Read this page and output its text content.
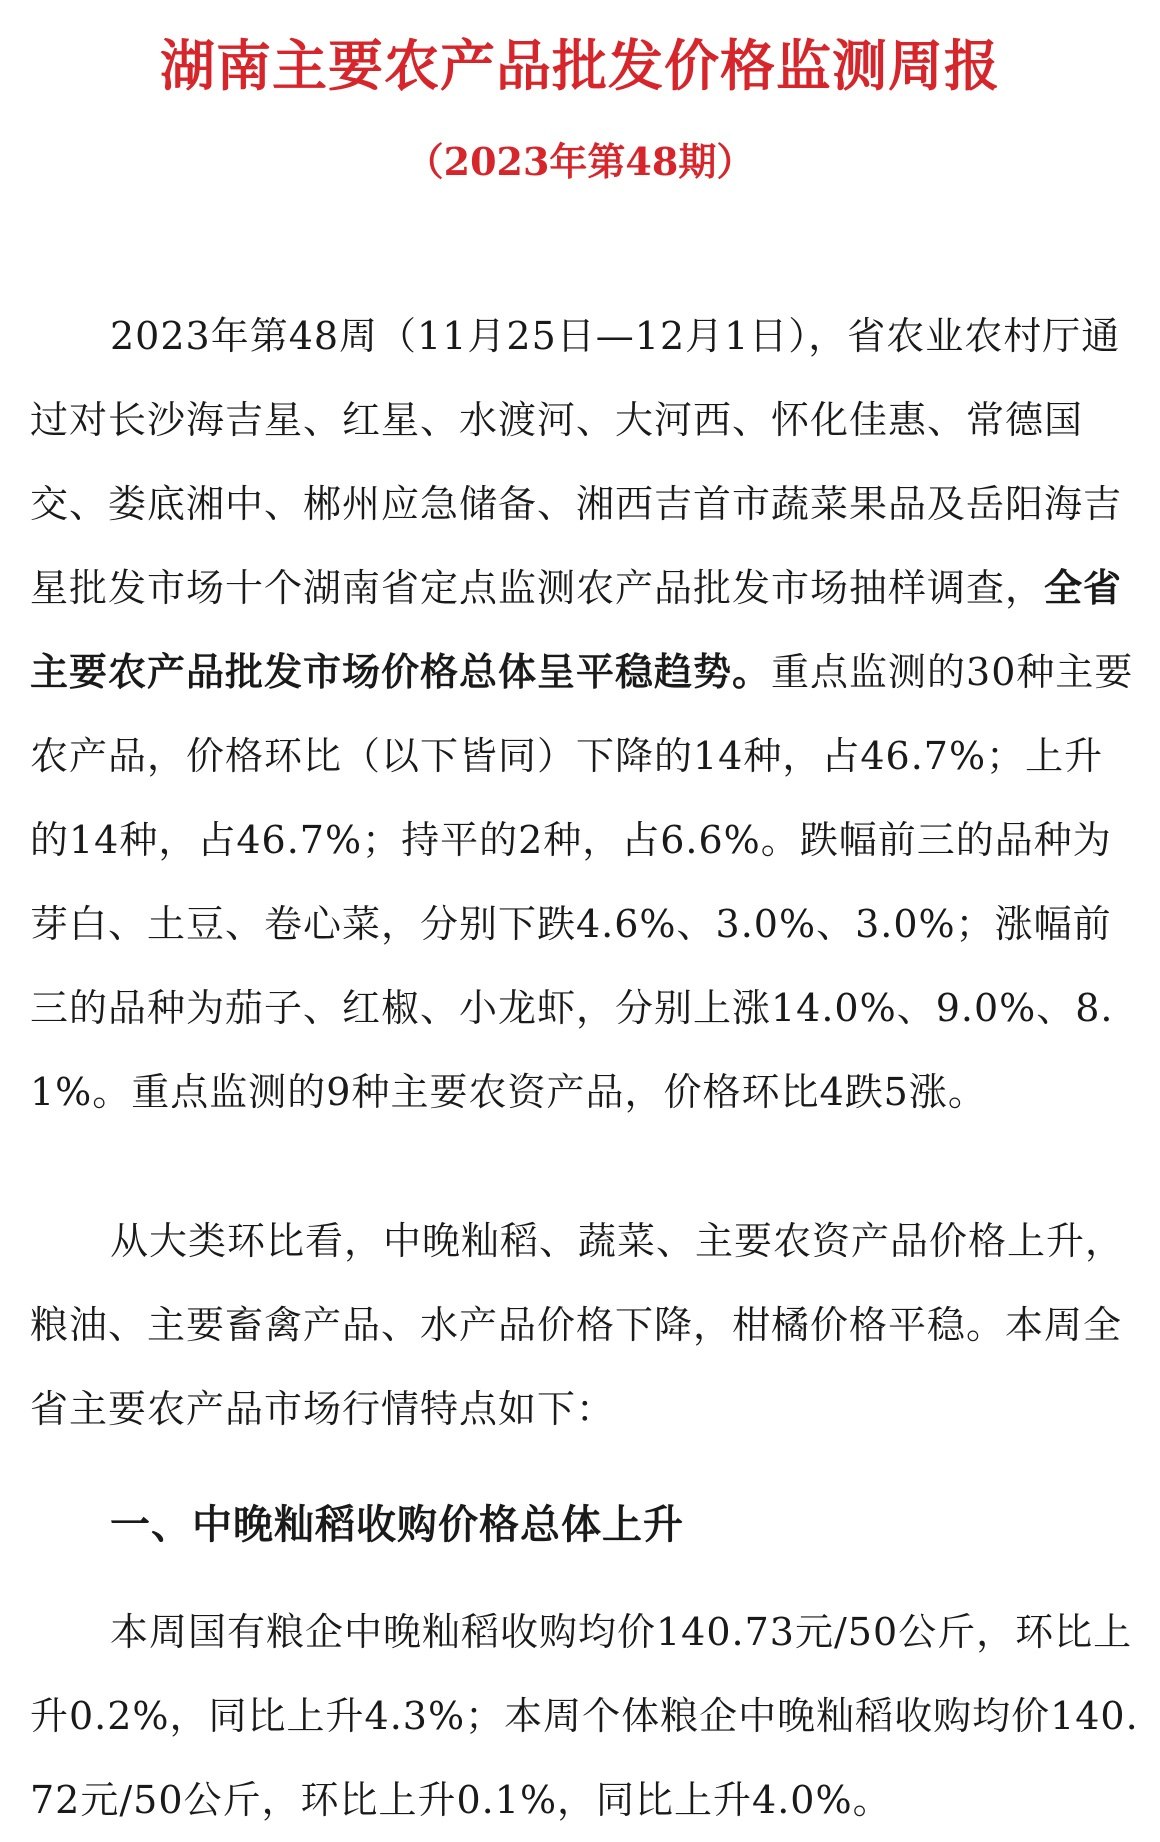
湖南主要农产品批发价格监测周报
（2023年第48期）
2023年第48周（11月25日—12月1日），省农业农村厅通过对长沙海吉星、红星、水渡河、大河西、怀化佳惠、常德国交、娄底湘中、郴州应急储备、湘西吉首市蔬菜果品及岳阳海吉星批发市场十个湖南省定点监测农产品批发市场抽样调查，全省主要农产品批发市场价格总体呈平稳趋势。重点监测的30种主要农产品，价格环比（以下皆同）下降的14种，占46.7%；上升的14种，占46.7%；持平的2种，占6.6%。跌幅前三的品种为芽白、土豆、卷心菜，分别下跌4.6%、3.0%、3.0%；涨幅前三的品种为茄子、红椒、小龙虾，分别上涨14.0%、9.0%、8.1%。重点监测的9种主要农资产品，价格环比4跌5涨。
从大类环比看，中晚籼稻、蔬菜、主要农资产品价格上升，粮油、主要畜禽产品、水产品价格下降，柑橘价格平稳。本周全省主要农产品市场行情特点如下：
一、中晚籼稻收购价格总体上升
本周国有粮企中晚籼稻收购均价140.73元/50公斤，环比上升0.2%，同比上升4.3%；本周个体粮企中晚籼稻收购均价140.72元/50公斤，环比上升0.1%，同比上升4.0%。
